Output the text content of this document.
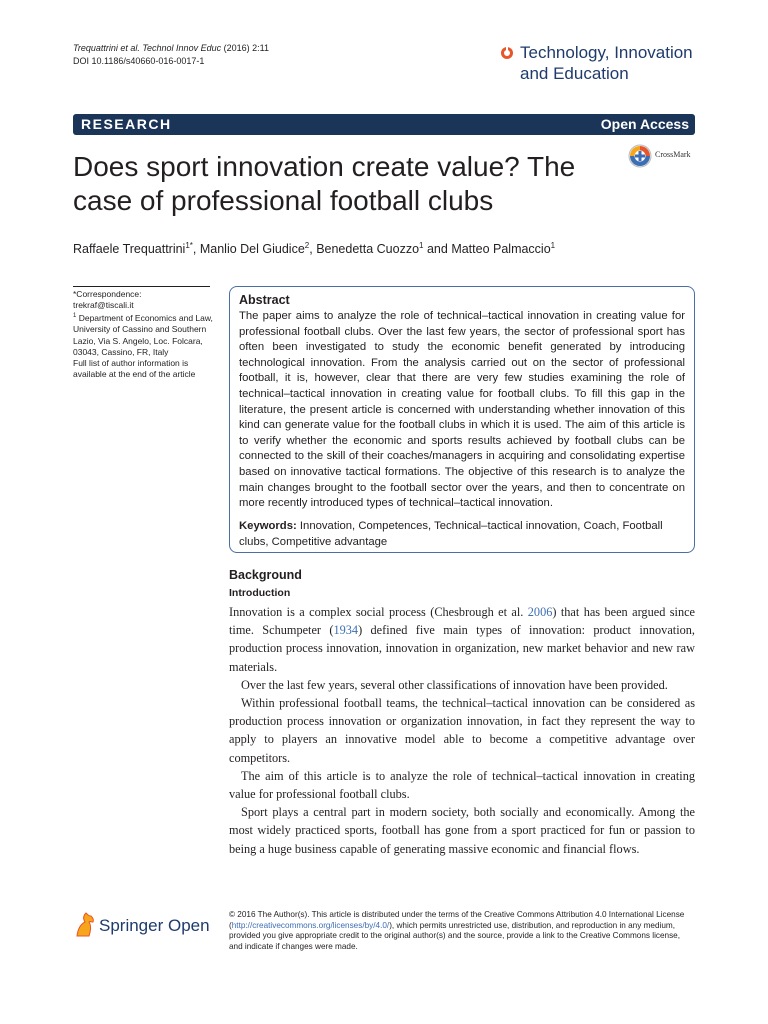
Trequattrini et al. Technol Innov Educ (2016) 2:11
DOI 10.1186/s40660-016-0017-1	Technology, Innovation
and Education
RESEARCH	Open Access
CrossMark
Does sport innovation create value? The case of professional football clubs
Raffaele Trequattrini$^{1*}$, Manlio Del Giudice$^2$, Benedetta Cuozzo$^1$ and Matteo Palmaccio$^1$
*Correspondence:
trekraf@tiscali.it
$^1$ Department of Economics and Law, University of Cassino and Southern Lazio, Via S. Angelo, Loc. Folcara, 03043, Cassino, FR, Italy
Full list of author information is available at the end of the article
Abstract

The paper aims to analyze the role of technical–tactical innovation in creating value for professional football clubs. Over the last few years, the sector of professional sport has often been investigated to study the economic benefit generated by introducing technological innovation. From the analysis carried out on the sector of professional football, it is, however, clear that there are very few studies examining the role of technical–tactical innovation in creating value for football clubs. To fill this gap in the literature, the present article is concerned with understanding whether innovation of this kind can generate value for the football clubs in which it is used. The aim of this article is to verify whether the economic and sports results achieved by football clubs can be connected to the skill of their coaches/managers in acquiring and consolidating expertise based on innovative tactical formations. The objective of this research is to analyze the main changes brought to the football sector over the years, and then to concentrate on more recently introduced types of technical–tactical innovation.

Keywords: Innovation, Competences, Technical–tactical innovation, Coach, Football clubs, Competitive advantage
Background
Introduction

Innovation is a complex social process (Chesbrough et al. 2006) that has been argued since time. Schumpeter (1934) defined five main types of innovation: product innovation, production process innovation, innovation in organization, new market behavior and new raw materials.

Over the last few years, several other classifications of innovation have been provided.

Within professional football teams, the technical–tactical innovation can be considered as production process innovation or organization innovation, in fact they represent the way to apply to players an innovative model able to become a competitive advantage over competitors.

The aim of this article is to analyze the role of technical–tactical innovation in creating value for professional football clubs.

Sport plays a central part in modern society, both socially and economically. Among the most widely practiced sports, football has gone from a sport practiced for fun or passion to being a huge business capable of generating massive economic and financial flows.

Springer Open
© 2016 The Author(s). This article is distributed under the terms of the Creative Commons Attribution 4.0 International License (http://creativecommons.org/licenses/by/4.0/), which permits unrestricted use, distribution, and reproduction in any medium, provided you give appropriate credit to the original author(s) and the source, provide a link to the Creative Commons license, and indicate if changes were made.
